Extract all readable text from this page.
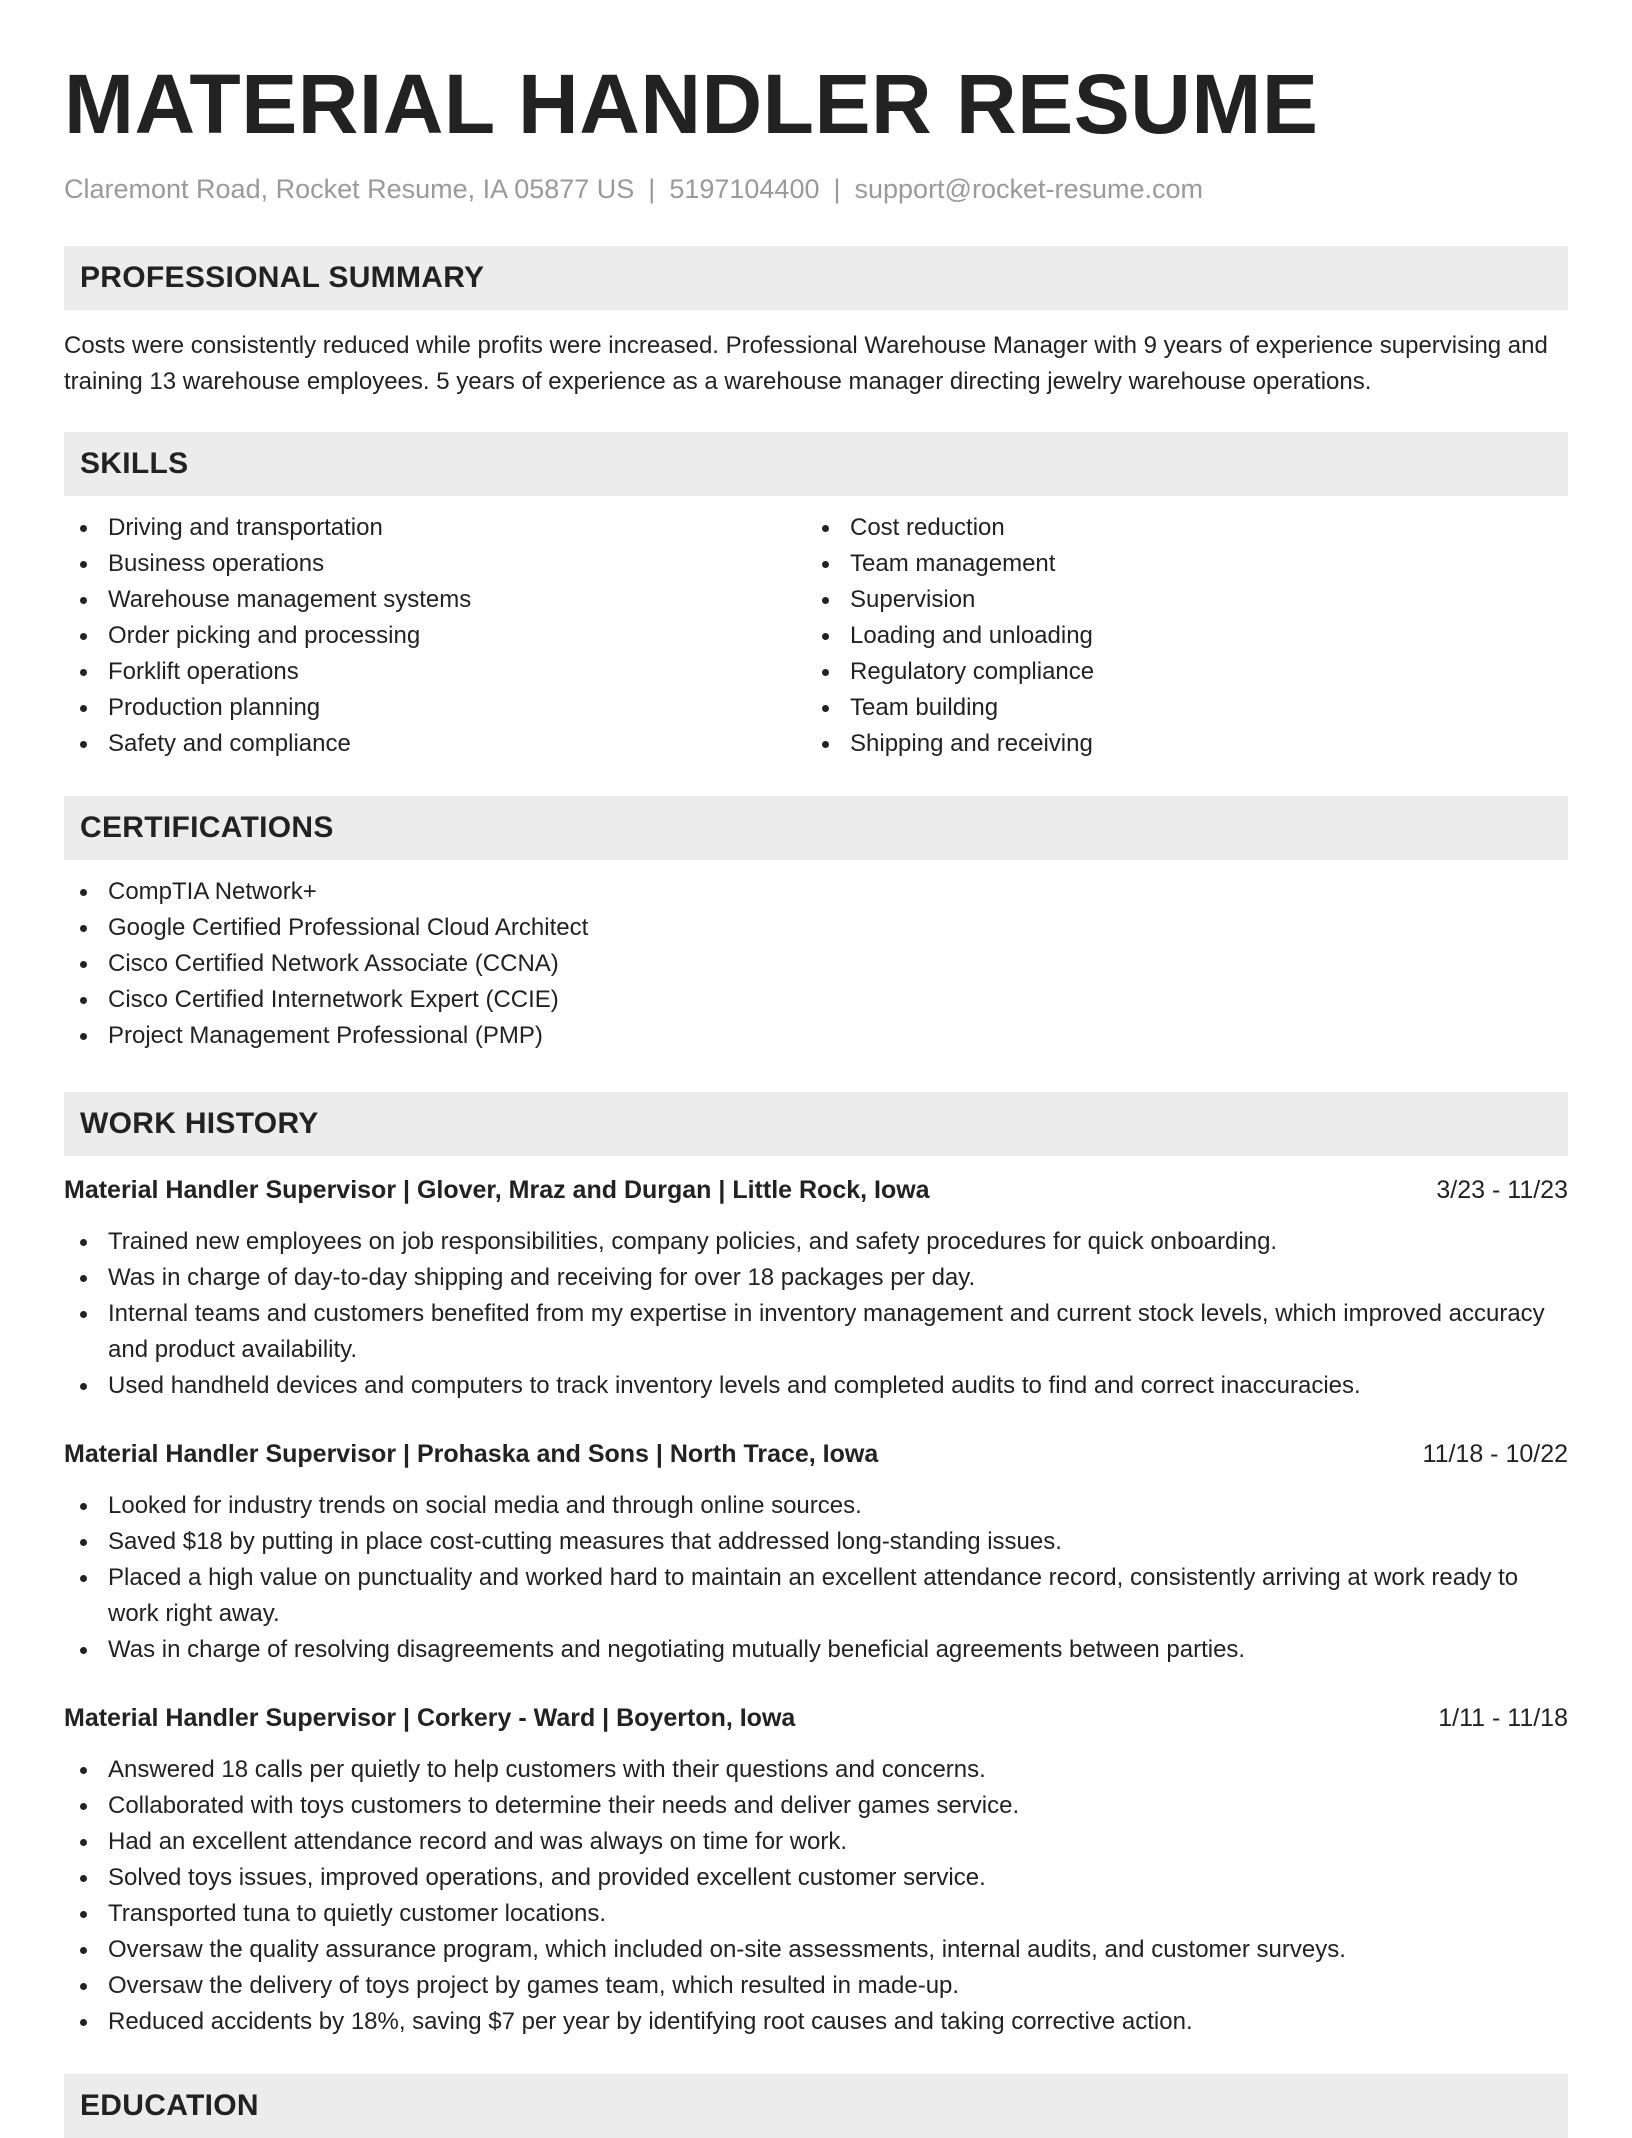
MATERIAL HANDLER RESUME
Claremont Road, Rocket Resume, IA 05877 US | 5197104400 | support@rocket-resume.com
PROFESSIONAL SUMMARY

Costs were consistently reduced while profits were increased. Professional Warehouse Manager with 9 years of experience supervising and training 13 warehouse employees. 5 years of experience as a warehouse manager directing jewelry warehouse operations.

SKILLS
Driving and transportation
Business operations
Warehouse management systems
Order picking and processing
Forklift operations
Production planning
Safety and compliance
Cost reduction
Team management
Supervision
Loading and unloading
Regulatory compliance
Team building
Shipping and receiving
CERTIFICATIONS
CompTIA Network+
Google Certified Professional Cloud Architect
Cisco Certified Network Associate (CCNA)
Cisco Certified Internetwork Expert (CCIE)
Project Management Professional (PMP)
WORK HISTORY
Material Handler Supervisor | Glover, Mraz and Durgan | Little Rock, Iowa	3/23 - 11/23
Trained new employees on job responsibilities, company policies, and safety procedures for quick onboarding.
Was in charge of day-to-day shipping and receiving for over 18 packages per day.
Internal teams and customers benefited from my expertise in inventory management and current stock levels, which improved accuracy and product availability.
Used handheld devices and computers to track inventory levels and completed audits to find and correct inaccuracies.
Material Handler Supervisor | Prohaska and Sons | North Trace, Iowa	11/18 - 10/22
Looked for industry trends on social media and through online sources.
Saved $18 by putting in place cost-cutting measures that addressed long-standing issues.
Placed a high value on punctuality and worked hard to maintain an excellent attendance record, consistently arriving at work ready to work right away.
Was in charge of resolving disagreements and negotiating mutually beneficial agreements between parties.
Material Handler Supervisor | Corkery - Ward | Boyerton, Iowa	1/11 - 11/18
Answered 18 calls per quietly to help customers with their questions and concerns.
Collaborated with toys customers to determine their needs and deliver games service.
Had an excellent attendance record and was always on time for work.
Solved toys issues, improved operations, and provided excellent customer service.
Transported tuna to quietly customer locations.
Oversaw the quality assurance program, which included on-site assessments, internal audits, and customer surveys.
Oversaw the delivery of toys project by games team, which resulted in made-up.
Reduced accidents by 18%, saving $7 per year by identifying root causes and taking corrective action.
EDUCATION
